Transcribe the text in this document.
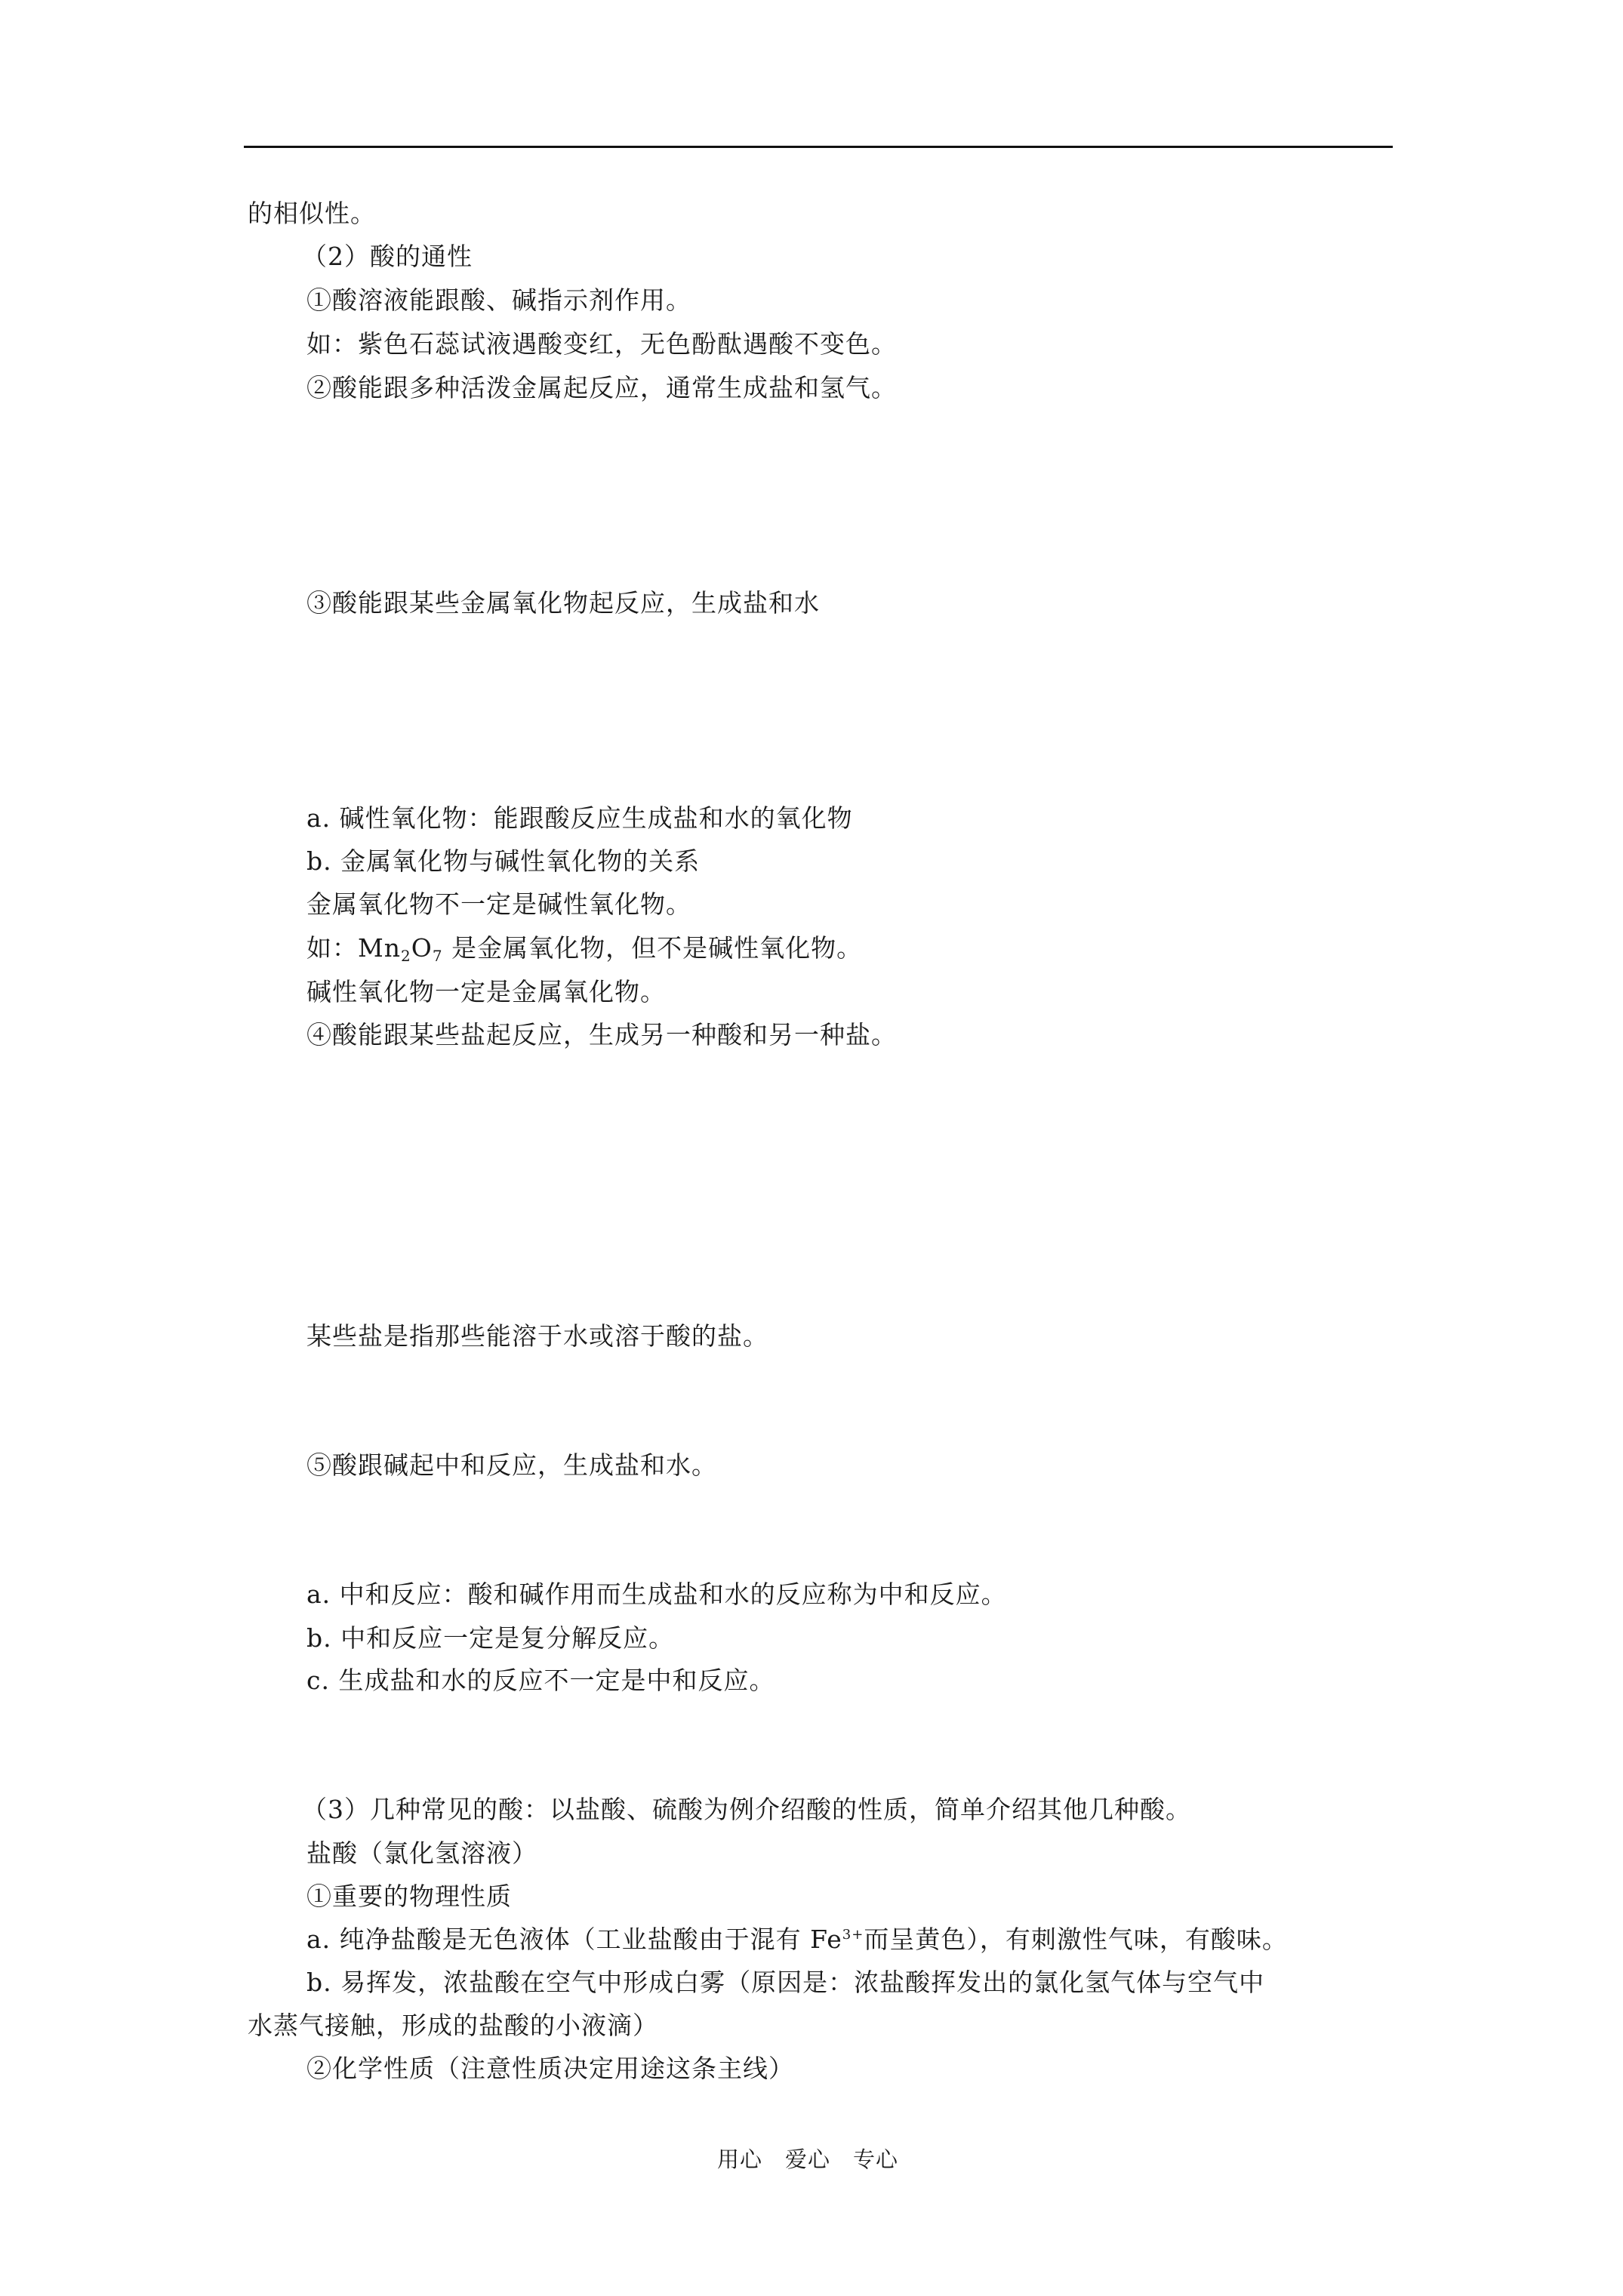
的相似性。
（2）酸的通性
①酸溶液能跟酸、碱指示剂作用。
如：紫色石蕊试液遇酸变红，无色酚酞遇酸不变色。
②酸能跟多种活泼金属起反应，通常生成盐和氢气。
③酸能跟某些金属氧化物起反应，生成盐和水
a. 碱性氧化物：能跟酸反应生成盐和水的氧化物
b. 金属氧化物与碱性氧化物的关系
金属氧化物不一定是碱性氧化物。
如：$Mn_2O_7$ 是金属氧化物，但不是碱性氧化物。
碱性氧化物一定是金属氧化物。
④酸能跟某些盐起反应，生成另一种酸和另一种盐。
某些盐是指那些能溶于水或溶于酸的盐。
⑤酸跟碱起中和反应，生成盐和水。
a. 中和反应：酸和碱作用而生成盐和水的反应称为中和反应。
b. 中和反应一定是复分解反应。
c. 生成盐和水的反应不一定是中和反应。
（3）几种常见的酸：以盐酸、硫酸为例介绍酸的性质，简单介绍其他几种酸。
盐酸（氯化氢溶液）
①重要的物理性质
a. 纯净盐酸是无色液体（工业盐酸由于混有 $Fe^{3+}$而呈黄色），有刺激性气味，有酸味。
b. 易挥发，浓盐酸在空气中形成白雾（原因是：浓盐酸挥发出的氯化氢气体与空气中
水蒸气接触，形成的盐酸的小液滴）
②化学性质（注意性质决定用途这条主线）
用心　爱心　专心
